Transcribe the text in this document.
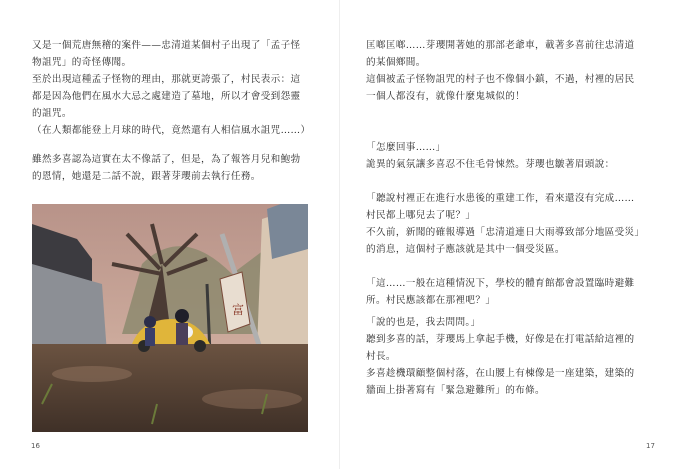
又是一個荒唐無稽的案件——忠清道某個村子出現了「孟子怪物詛咒」的奇怪傳聞。

至於出現這種孟子怪物的理由，那就更誇張了，村民表示：這都是因為他們在風水大忌之處建造了墓地，所以才會受到怨靈的詛咒。

（在人類都能登上月球的時代，竟然還有人相信風水詛咒……）

雖然多喜認為這實在太不像話了，但是，為了報答月兒和鮑勃的恩情，她還是二話不說，跟著芽瓔前去執行任務。

富
16

匡啷匡啷……芽瓔開著她的那部老爺車，載著多喜前往忠清道的某個鄉間。

這個被孟子怪物詛咒的村子也不像個小鎮，不過，村裡的居民一個人都沒有，就像什麼鬼城似的！

「怎麼回事……」

詭異的氣氛讓多喜忍不住毛骨悚然。芽瓔也皺著眉頭說：

「聽說村裡正在進行水患後的重建工作，看來還沒有完成……村民都上哪兒去了呢？」

不久前，新聞的確報導過「忠清道連日大雨導致部分地區受災」的消息，這個村子應該就是其中一個受災區。

「這……一般在這種情況下，學校的體育館都會設置臨時避難所。村民應該都在那裡吧？」

「說的也是，我去問問。」

聽到多喜的話，芽瓔馬上拿起手機，好像是在打電話給這裡的村長。

多喜趁機環顧整個村落，在山腰上有棟像是一座建築，建築的牆面上掛著寫有「緊急避難所」的布條。

17
